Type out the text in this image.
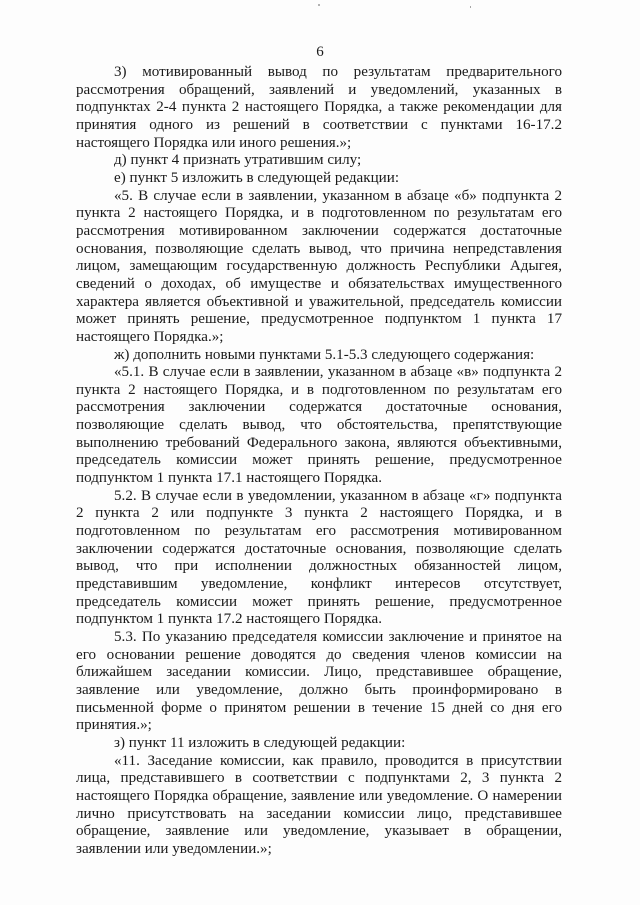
6

3) мотивированный вывод по результатам предварительного рассмотрения обращений, заявлений и уведомлений, указанных в подпунктах 2-4 пункта 2 настоящего Порядка, а также рекомендации для принятия одного из решений в соответствии с пунктами 16-17.2 настоящего Порядка или иного решения.»;

д) пункт 4 признать утратившим силу;

е) пункт 5 изложить в следующей редакции:

«5. В случае если в заявлении, указанном в абзаце «б» подпункта 2 пункта 2 настоящего Порядка, и в подготовленном по результатам его рассмотрения мотивированном заключении содержатся достаточные основания, позволяющие сделать вывод, что причина непредставления лицом, замещающим государственную должность Республики Адыгея, сведений о доходах, об имуществе и обязательствах имущественного характера является объективной и уважительной, председатель комиссии может принять решение, предусмотренное подпунктом 1 пункта 17 настоящего Порядка.»;

ж) дополнить новыми пунктами 5.1-5.3 следующего содержания:

«5.1. В случае если в заявлении, указанном в абзаце «в» подпункта 2 пункта 2 настоящего Порядка, и в подготовленном по результатам его рассмотрения заключении содержатся достаточные основания, позволяющие сделать вывод, что обстоятельства, препятствующие выполнению требований Федерального закона, являются объективными, председатель комиссии может принять решение, предусмотренное подпунктом 1 пункта 17.1 настоящего Порядка.

5.2. В случае если в уведомлении, указанном в абзаце «г» подпункта 2 пункта 2 или подпункте 3 пункта 2 настоящего Порядка, и в подготовленном по результатам его рассмотрения мотивированном заключении содержатся достаточные основания, позволяющие сделать вывод, что при исполнении должностных обязанностей лицом, представившим уведомление, конфликт интересов отсутствует, председатель комиссии может принять решение, предусмотренное подпунктом 1 пункта 17.2 настоящего Порядка.

5.3. По указанию председателя комиссии заключение и принятое на его основании решение доводятся до сведения членов комиссии на ближайшем заседании комиссии. Лицо, представившее обращение, заявление или уведомление, должно быть проинформировано в письменной форме о принятом решении в течение 15 дней со дня его принятия.»;

з) пункт 11 изложить в следующей редакции:

«11. Заседание комиссии, как правило, проводится в присутствии лица, представившего в соответствии с подпунктами 2, 3 пункта 2 настоящего Порядка обращение, заявление или уведомление. О намерении лично присутствовать на заседании комиссии лицо, представившее обращение, заявление или уведомление, указывает в обращении, заявлении или уведомлении.»;
